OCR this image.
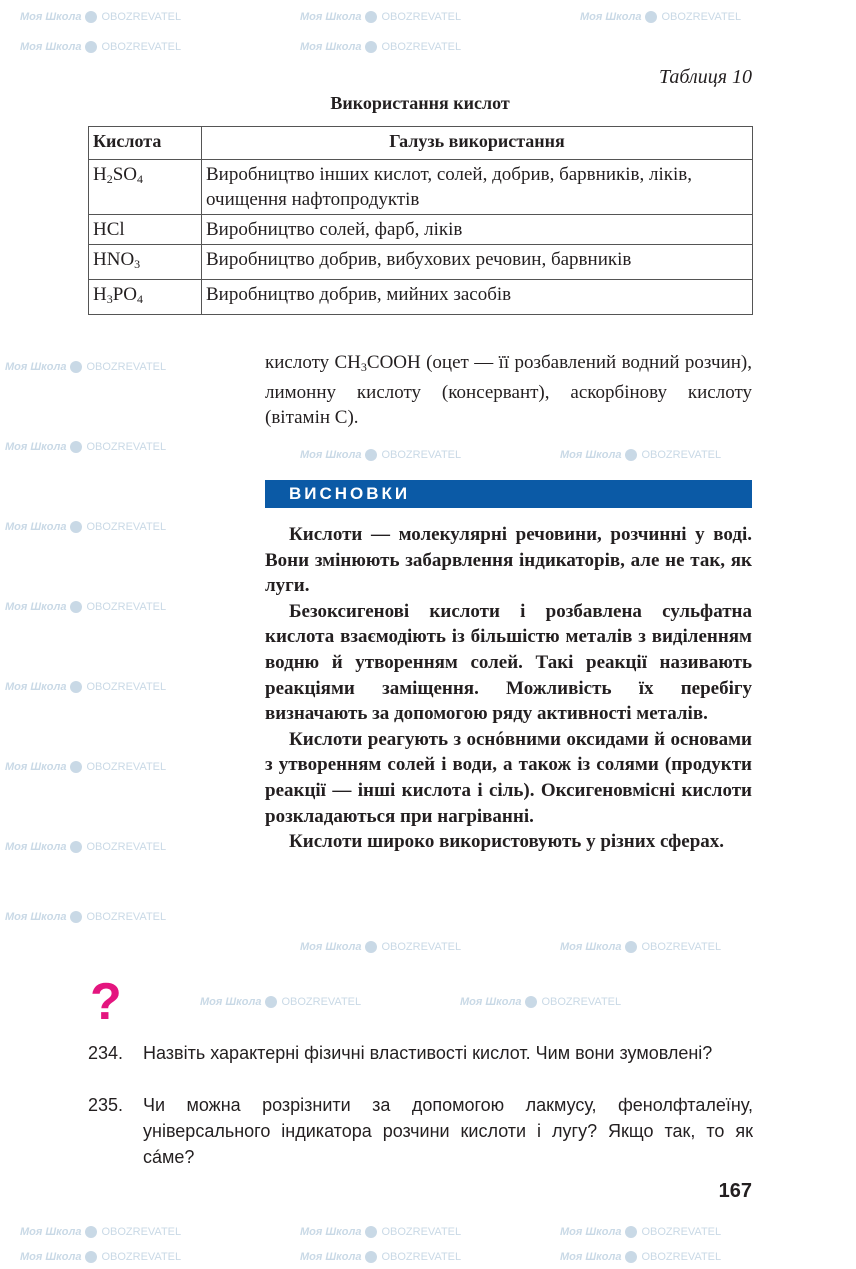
Моя Школа OBOZREVATEL	Моя Школа OBOZREVATEL	Моя Школа OBOZREVATEL
Моя Школа OBOZREVATEL	Моя Школа OBOZREVATEL
Моя Школа OBOZREVATEL
Моя Школа OBOZREVATEL
Моя Школа OBOZREVATEL
Моя Школа OBOZREVATEL
Моя Школа OBOZREVATEL
Моя Школа OBOZREVATEL
Моя Школа OBOZREVATEL
Моя Школа OBOZREVATEL
Моя Школа OBOZREVATEL	Моя Школа OBOZREVATEL
Моя Школа OBOZREVATEL	Моя Школа OBOZREVATEL
Моя Школа OBOZREVATEL	Моя Школа OBOZREVATEL
Моя Школа OBOZREVATEL	Моя Школа OBOZREVATEL	Моя Школа OBOZREVATEL
Моя Школа OBOZREVATEL	Моя Школа OBOZREVATEL	Моя Школа OBOZREVATEL
Таблиця 10
Використання кислот
Кислота	Галузь використання
$H_2SO_4$	Виробництво інших кислот, солей, добрив, барвників, ліків, очищення нафтопродуктів
HCl	Виробництво солей, фарб, ліків
$HNO_3$	Виробництво добрив, вибухових речовин, барвників
$H_3PO_4$	Виробництво добрив, мийних засобів
кислоту $CH_3COOH$ (оцет — її розбавлений водний розчин), лимонну кислоту (консервант), аскорбінову кислоту (вітамін С).
ВИСНОВКИ

Кислоти — молекулярні речовини, розчинні у воді. Вони змінюють забарвлення індикаторів, але не так, як луги.

Безоксигенові кислоти і розбавлена сульфатна кислота взаємодіють із більшістю металів з виділенням водню й утворенням солей. Такі реакції називають реакціями заміщення. Можливість їх перебігу визначають за допомогою ряду активності металів.

Кислоти реагують з оснóвними оксидами й основами з утворенням солей і води, а також із солями (продукти реакції — інші кислота і сіль). Оксигеновмісні кислоти розкладаються при нагріванні.

Кислоти широко використовують у різних сферах.

?
234. Назвіть характерні фізичні властивості кислот. Чим вони зумовлені?
235. Чи можна розрізнити за допомогою лакмусу, фенолфталеїну, універсального індикатора розчини кислоти і лугу? Якщо так, то як сáме?
167
